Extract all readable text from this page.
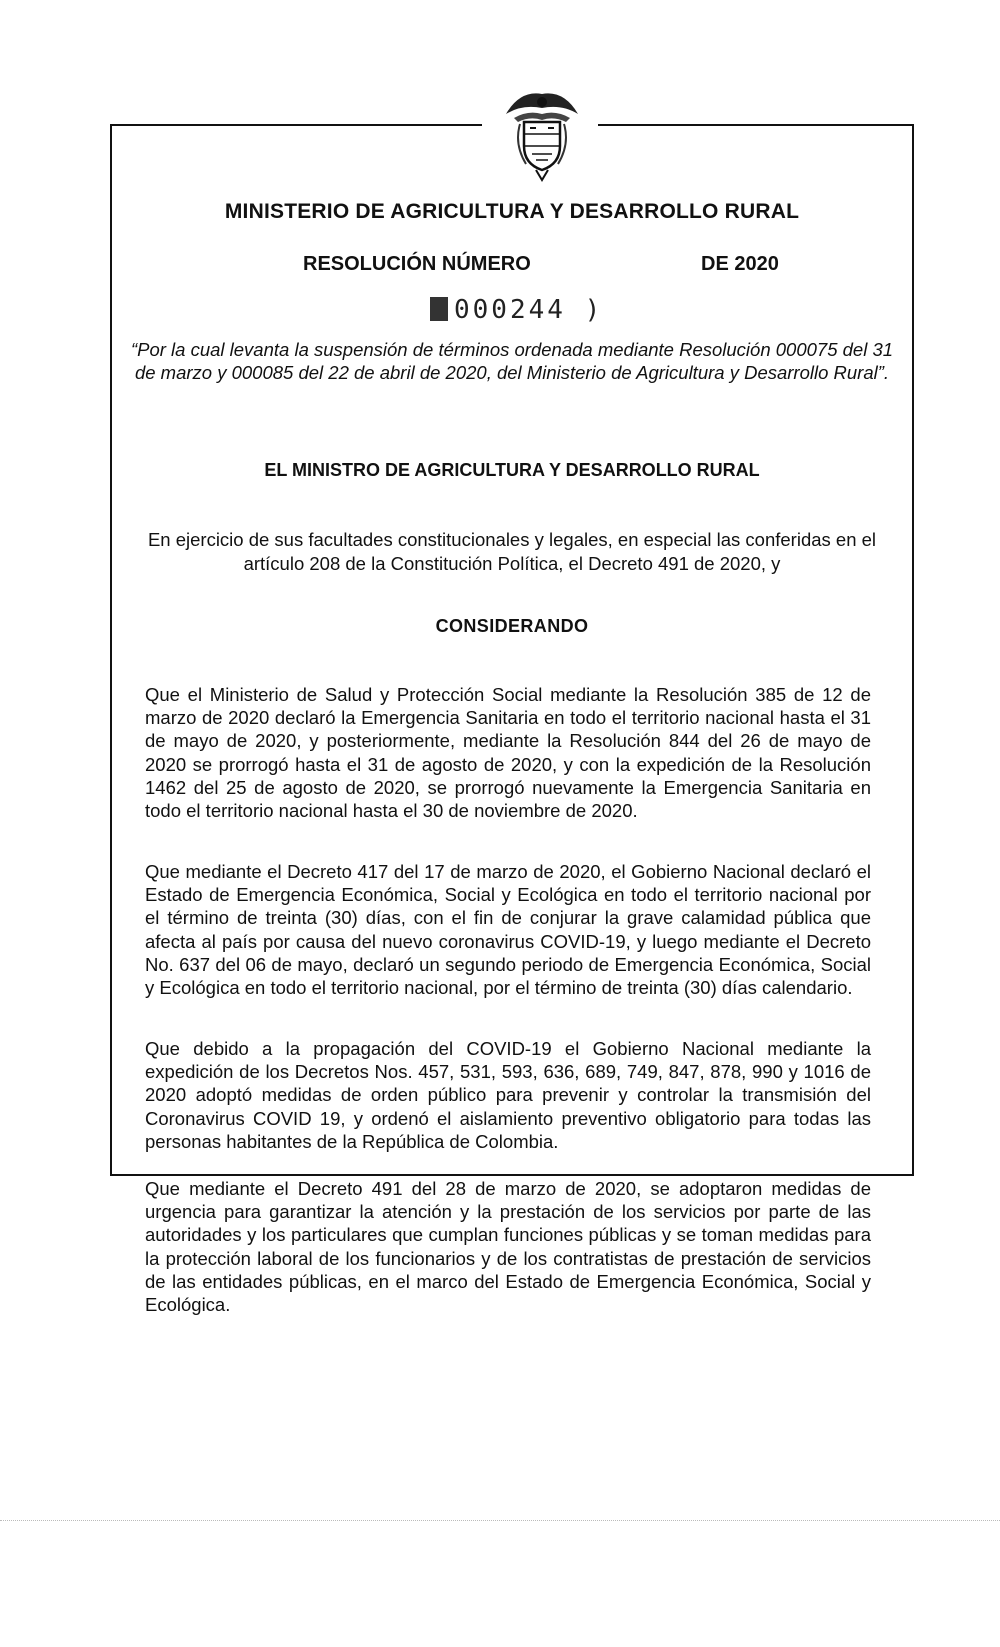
MINISTERIO DE AGRICULTURA Y DESARROLLO RURAL

RESOLUCIÓN NÚMERO	DE 2020

000244 )

“Por la cual levanta la suspensión de términos ordenada mediante Resolución 000075 del 31 de marzo y 000085 del 22 de abril de 2020, del Ministerio de Agricultura y Desarrollo Rural”.

EL MINISTRO DE AGRICULTURA Y DESARROLLO RURAL

En ejercicio de sus facultades constitucionales y legales, en especial las conferidas en el artículo 208 de la Constitución Política, el Decreto 491 de 2020, y

CONSIDERANDO

Que el Ministerio de Salud y Protección Social mediante la Resolución 385 de 12 de marzo de 2020 declaró la Emergencia Sanitaria en todo el territorio nacional hasta el 31 de mayo de 2020, y posteriormente, mediante la Resolución 844 del 26 de mayo de 2020 se prorrogó hasta el 31 de agosto de 2020, y con la expedición de la Resolución 1462 del 25 de agosto de 2020, se prorrogó nuevamente la Emergencia Sanitaria en todo el territorio nacional hasta el 30 de noviembre de 2020.

Que mediante el Decreto 417 del 17 de marzo de 2020, el Gobierno Nacional declaró el Estado de Emergencia Económica, Social y Ecológica en todo el territorio nacional por el término de treinta (30) días, con el fin de conjurar la grave calamidad pública que afecta al país por causa del nuevo coronavirus COVID-19, y luego mediante el Decreto No. 637 del 06 de mayo, declaró un segundo periodo de Emergencia Económica, Social y Ecológica en todo el territorio nacional, por el término de treinta (30) días calendario.

Que debido a la propagación del COVID-19 el Gobierno Nacional mediante la expedición de los Decretos Nos. 457, 531, 593, 636, 689, 749, 847, 878, 990 y 1016 de 2020 adoptó medidas de orden público para prevenir y controlar la transmisión del Coronavirus COVID 19, y ordenó el aislamiento preventivo obligatorio para todas las personas habitantes de la República de Colombia.

Que mediante el Decreto 491 del 28 de marzo de 2020, se adoptaron medidas de urgencia para garantizar la atención y la prestación de los servicios por parte de las autoridades y los particulares que cumplan funciones públicas y se toman medidas para la protección laboral de los funcionarios y de los contratistas de prestación de servicios de las entidades públicas, en el marco del Estado de Emergencia Económica, Social y Ecológica.
